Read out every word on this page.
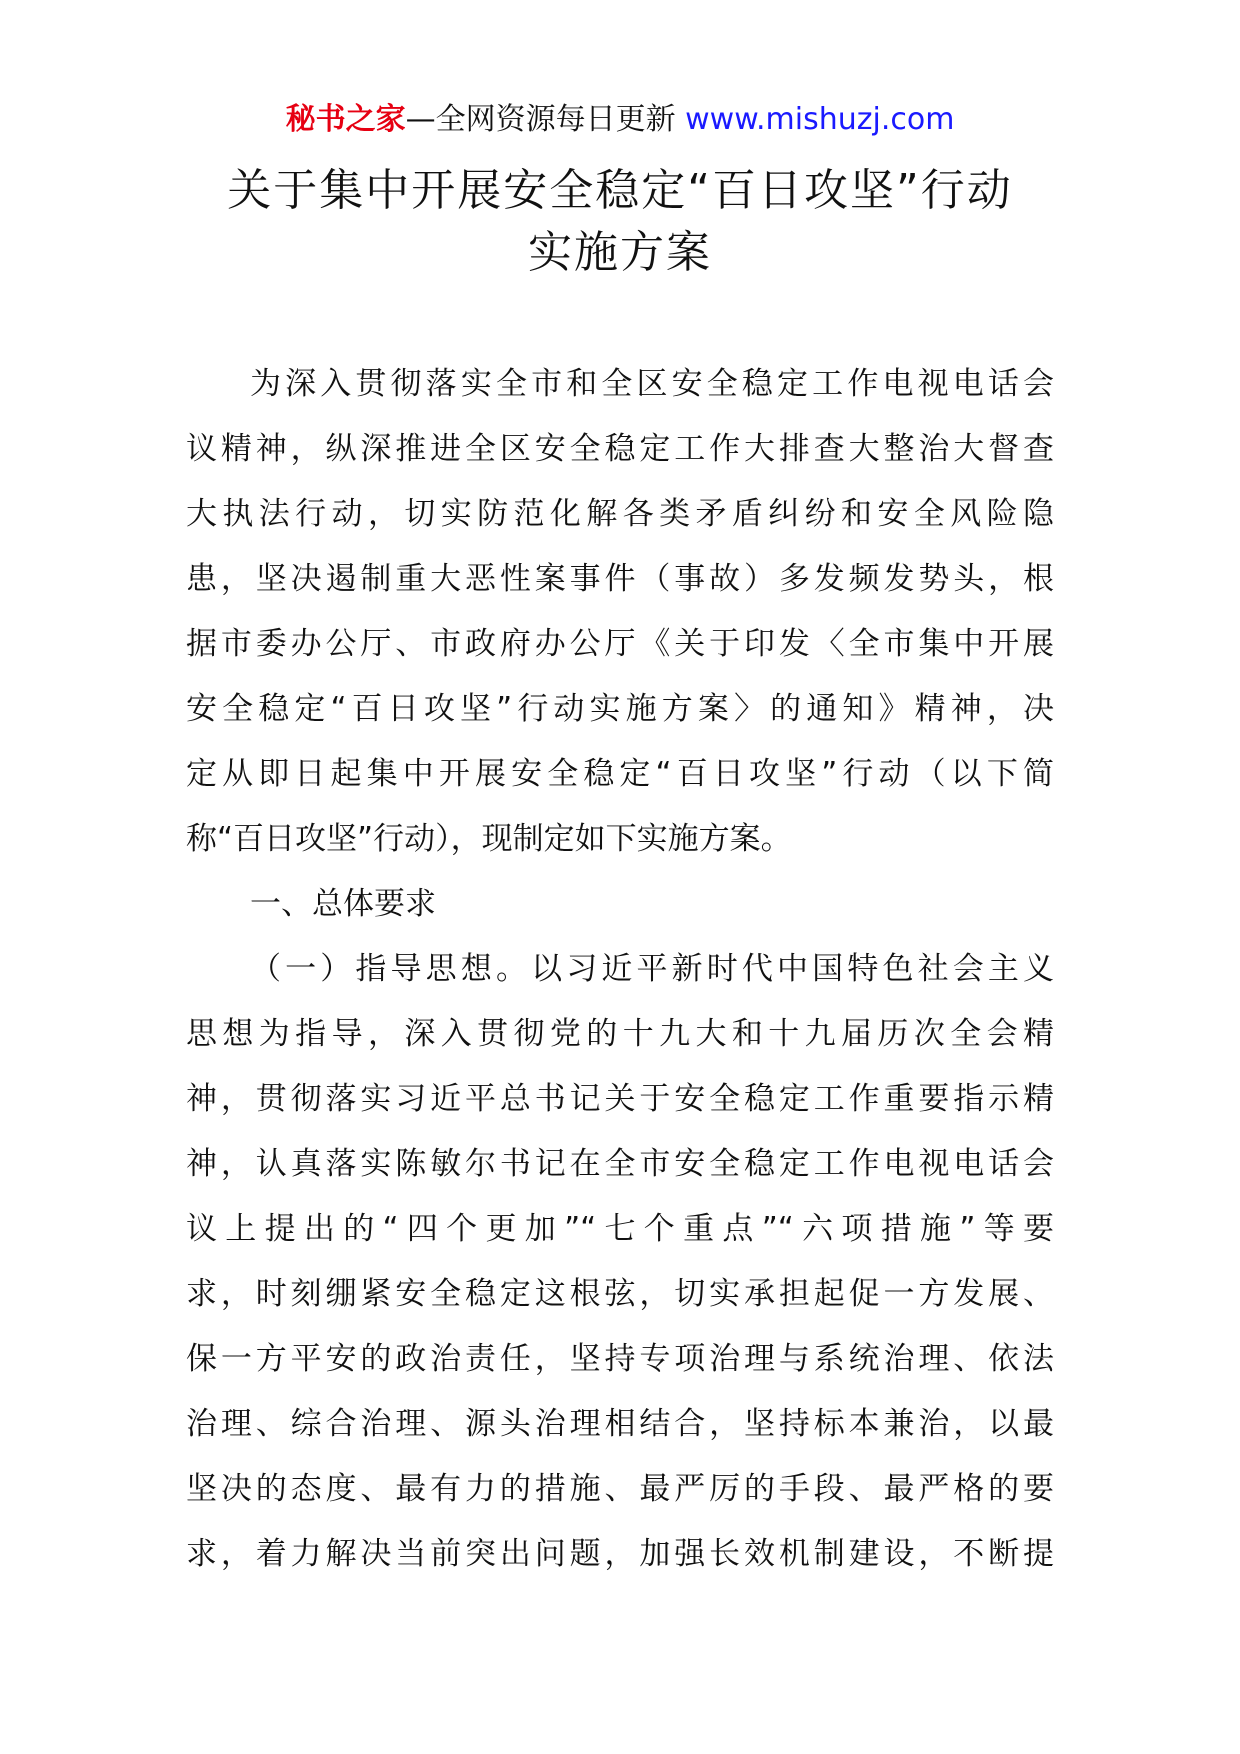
秘书之家—全网资源每日更新 www.mishuzj.com
关于集中开展安全稳定“百日攻坚”行动
实施方案
为深入贯彻落实全市和全区安全稳定工作电视电话会
议精神，纵深推进全区安全稳定工作大排查大整治大督查
大执法行动，切实防范化解各类矛盾纠纷和安全风险隐
患，坚决遏制重大恶性案事件（事故）多发频发势头，根
据市委办公厅、市政府办公厅《关于印发〈全市集中开展
安全稳定“百日攻坚”行动实施方案〉的通知》精神，决
定从即日起集中开展安全稳定“百日攻坚”行动（以下简
称“百日攻坚”行动），现制定如下实施方案。
一、总体要求
（一）指导思想。以习近平新时代中国特色社会主义
思想为指导，深入贯彻党的十九大和十九届历次全会精
神，贯彻落实习近平总书记关于安全稳定工作重要指示精
神，认真落实陈敏尔书记在全市安全稳定工作电视电话会
议上提出的“四个更加”“七个重点”“六项措施”等要
求，时刻绷紧安全稳定这根弦，切实承担起促一方发展、
保一方平安的政治责任，坚持专项治理与系统治理、依法
治理、综合治理、源头治理相结合，坚持标本兼治，以最
坚决的态度、最有力的措施、最严厉的手段、最严格的要
求，着力解决当前突出问题，加强长效机制建设，不断提
